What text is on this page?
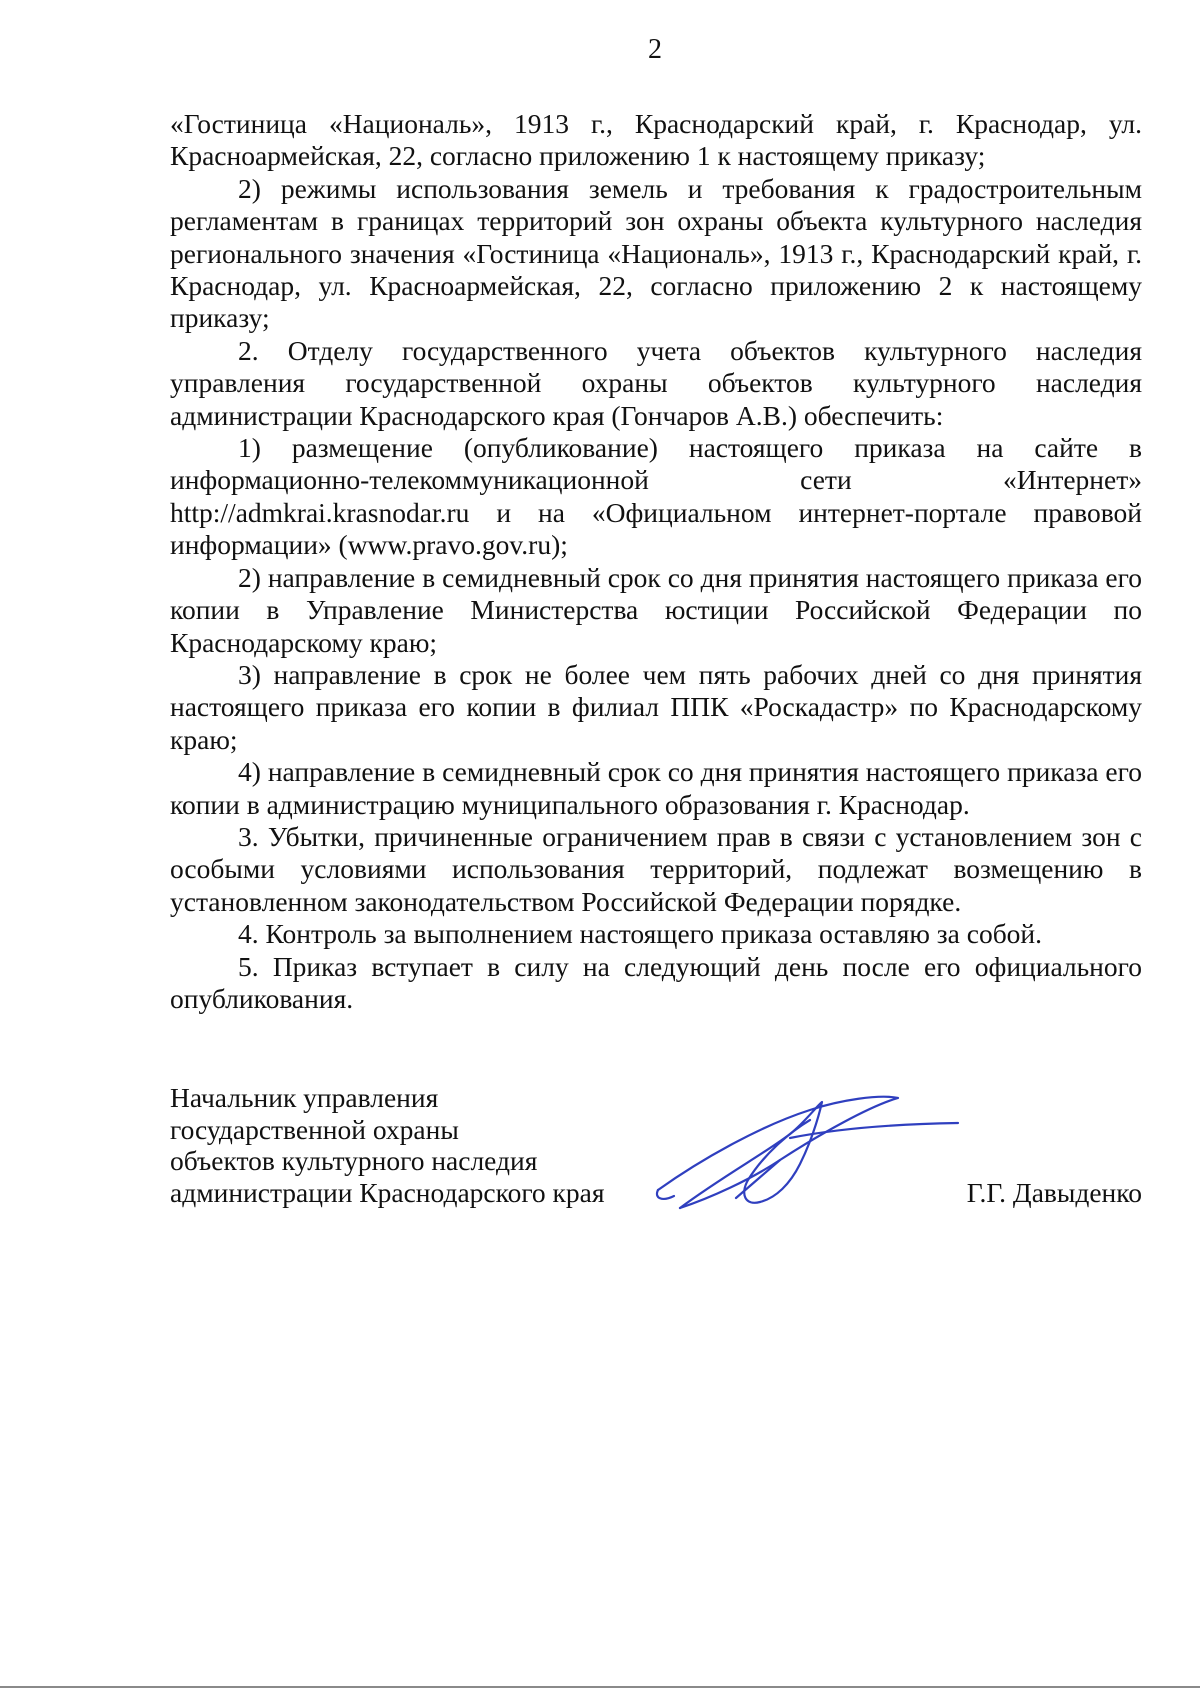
2

«Гостиница «Националь», 1913 г., Краснодарский край, г. Краснодар, ул. Красноармейская, 22, согласно приложению 1 к настоящему приказу;

2) режимы использования земель и требования к градостроительным регламентам в границах территорий зон охраны объекта культурного наследия регионального значения «Гостиница «Националь», 1913 г., Краснодарский край, г. Краснодар, ул. Красноармейская, 22, согласно приложению 2 к настоящему приказу;

2. Отделу государственного учета объектов культурного наследия управления государственной охраны объектов культурного наследия администрации Краснодарского края (Гончаров А.В.) обеспечить:

1) размещение (опубликование) настоящего приказа на сайте в информационно-телекоммуникационной сети «Интернет» http://admkrai.krasnodar.ru и на «Официальном интернет-портале правовой информации» (www.pravo.gov.ru);

2) направление в семидневный срок со дня принятия настоящего приказа его копии в Управление Министерства юстиции Российской Федерации по Краснодарскому краю;

3) направление в срок не более чем пять рабочих дней со дня принятия настоящего приказа его копии в филиал ППК «Роскадастр» по Краснодарскому краю;

4) направление в семидневный срок со дня принятия настоящего приказа его копии в администрацию муниципального образования г. Краснодар.

3. Убытки, причиненные ограничением прав в связи с установлением зон с особыми условиями использования территорий, подлежат возмещению в установленном законодательством Российской Федерации порядке.

4. Контроль за выполнением настоящего приказа оставляю за собой.

5. Приказ вступает в силу на следующий день после его официального опубликования.

Начальник управления
государственной охраны
объектов культурного наследия
администрации Краснодарского края	Г.Г. Давыденко
